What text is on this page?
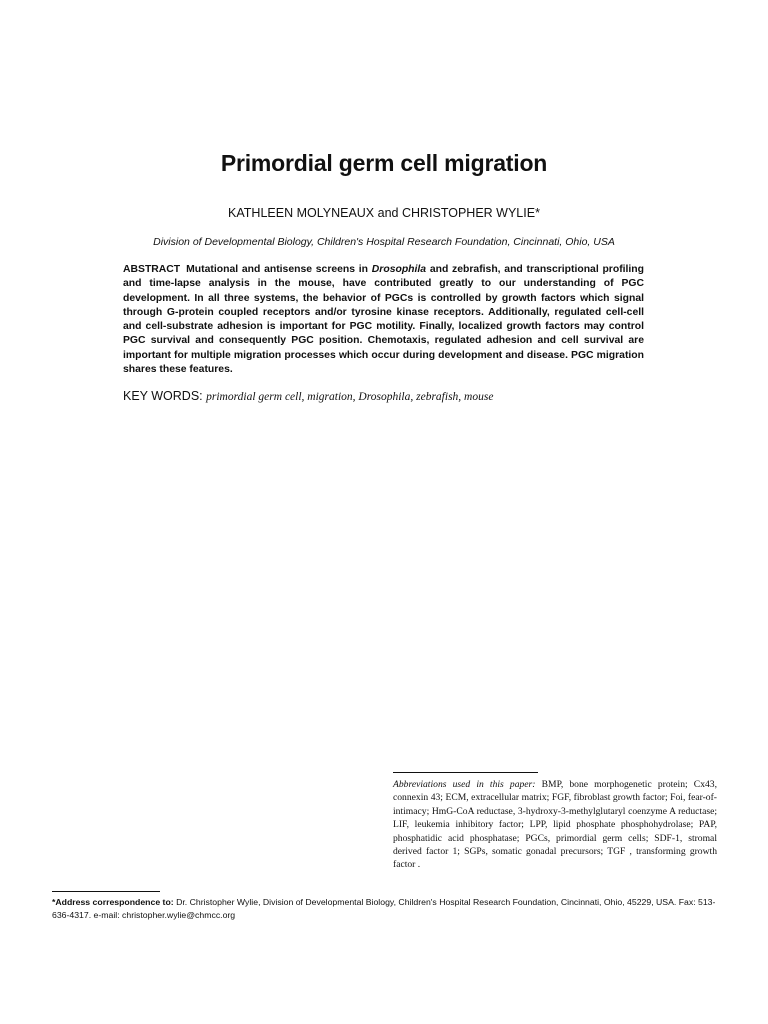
Primordial germ cell migration
KATHLEEN MOLYNEAUX and CHRISTOPHER WYLIE*
Division of Developmental Biology, Children's Hospital Research Foundation, Cincinnati, Ohio, USA

ABSTRACT Mutational and antisense screens in Drosophila and zebrafish, and transcriptional profiling and time-lapse analysis in the mouse, have contributed greatly to our understanding of PGC development. In all three systems, the behavior of PGCs is controlled by growth factors which signal through G-protein coupled receptors and/or tyrosine kinase receptors. Additionally, regulated cell-cell and cell-substrate adhesion is important for PGC motility. Finally, localized growth factors may control PGC survival and consequently PGC position. Chemotaxis, regulated adhesion and cell survival are important for multiple migration processes which occur during development and disease. PGC migration shares these features.

KEY WORDS: primordial germ cell, migration, Drosophila, zebrafish, mouse

Abbreviations used in this paper: BMP, bone morphogenetic protein; Cx43, connexin 43; ECM, extracellular matrix; FGF, fibroblast growth factor; Foi, fear-of-intimacy; HmG-CoA reductase, 3-hydroxy-3-methylglutaryl coenzyme A reductase; LIF, leukemia inhibitory factor; LPP, lipid phosphate phosphohydrolase; PAP, phosphatidic acid phosphatase; PGCs, primordial germ cells; SDF-1, stromal derived factor 1; SGPs, somatic gonadal precursors; TGF , transforming growth factor .

*Address correspondence to: Dr. Christopher Wylie, Division of Developmental Biology, Children's Hospital Research Foundation, Cincinnati, Ohio, 45229, USA. Fax: 513-636-4317. e-mail: christopher.wylie@chmcc.org
